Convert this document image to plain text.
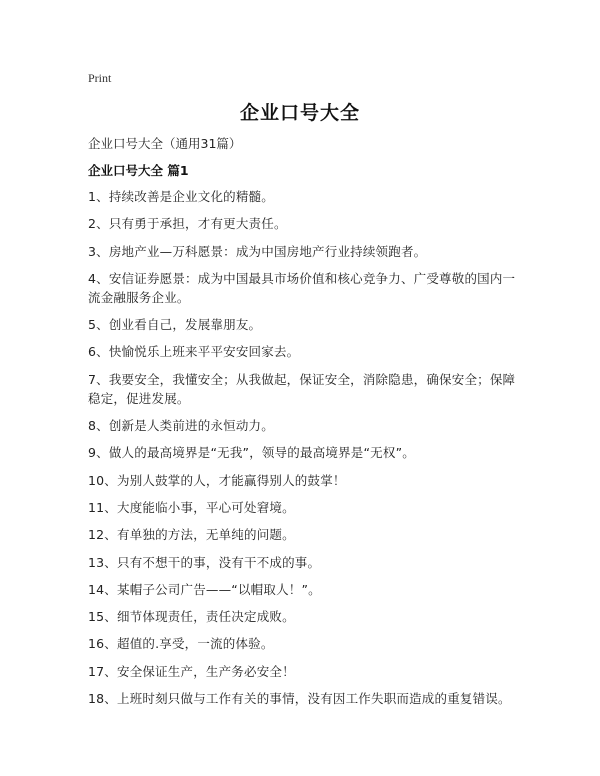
Print
企业口号大全
企业口号大全（通用31篇）
企业口号大全 篇1
1、持续改善是企业文化的精髓。
2、只有勇于承担，才有更大责任。
3、房地产业—万科愿景：成为中国房地产行业持续领跑者。
4、安信证券愿景：成为中国最具市场价值和核心竞争力、广受尊敬的国内一流金融服务企业。
5、创业看自己，发展靠朋友。
6、快愉悦乐上班来平平安安回家去。
7、我要安全，我懂安全；从我做起，保证安全，消除隐患，确保安全；保障稳定，促进发展。
8、创新是人类前进的永恒动力。
9、做人的最高境界是“无我”，领导的最高境界是“无权”。
10、为别人鼓掌的人，才能赢得别人的鼓掌！
11、大度能临小事，平心可处窘境。
12、有单独的方法，无单纯的问题。
13、只有不想干的事，没有干不成的事。
14、某帽子公司广告——“以帽取人！”。
15、细节体现责任，责任决定成败。
16、超值的.享受，一流的体验。
17、安全保证生产，生产务必安全！
18、上班时刻只做与工作有关的事情，没有因工作失职而造成的重复错误。
